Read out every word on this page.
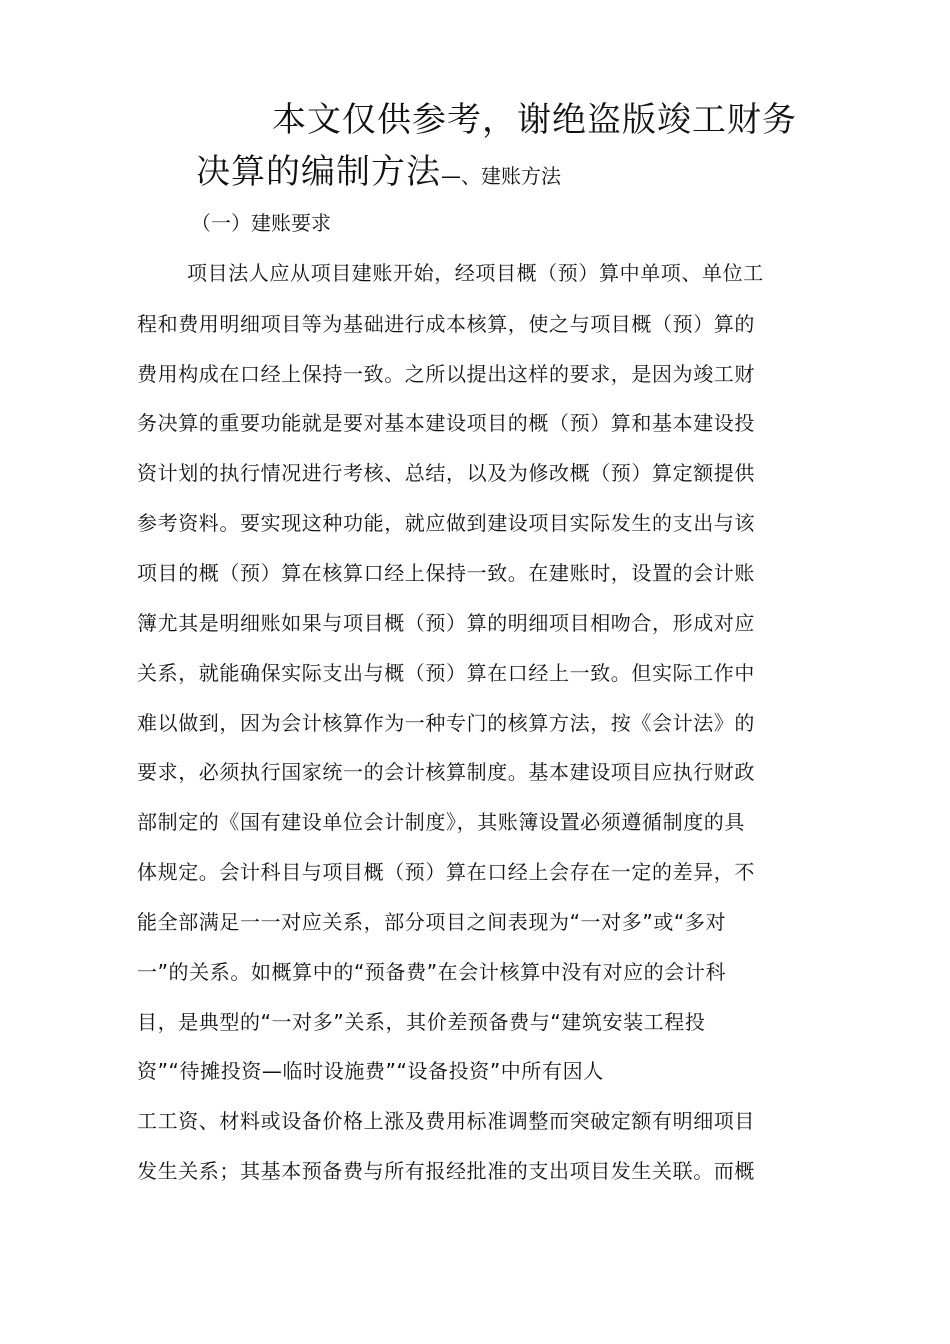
本文仅供参考，谢绝盗版竣工财务
决算的编制方法—、建账方法
（一）建账要求
项目法人应从项目建账开始，经项目概（预）算中单项、单位工
程和费用明细项目等为基础进行成本核算，使之与项目概（预）算的
费用构成在口经上保持一致。之所以提出这样的要求，是因为竣工财
务决算的重要功能就是要对基本建设项目的概（预）算和基本建设投
资计划的执行情况进行考核、总结，以及为修改概（预）算定额提供
参考资料。要实现这种功能，就应做到建设项目实际发生的支出与该
项目的概（预）算在核算口经上保持一致。在建账时，设置的会计账
簿尤其是明细账如果与项目概（预）算的明细项目相吻合，形成对应
关系，就能确保实际支出与概（预）算在口经上一致。但实际工作中
难以做到，因为会计核算作为一种专门的核算方法，按《会计法》的
要求，必须执行国家统一的会计核算制度。基本建设项目应执行财政
部制定的《国有建设单位会计制度》，其账簿设置必须遵循制度的具
体规定。会计科目与项目概（预）算在口经上会存在一定的差异，不
能全部满足一一对应关系，部分项目之间表现为“一对多”或“多对
一”的关系。如概算中的“预备费”在会计核算中没有对应的会计科
目，是典型的“一对多”关系，其价差预备费与“建筑安装工程投
资”“待摊投资—临时设施费”“设备投资”中所有因人
工工资、材料或设备价格上涨及费用标准调整而突破定额有明细项目
发生关系；其基本预备费与所有报经批准的支出项目发生关联。而概
